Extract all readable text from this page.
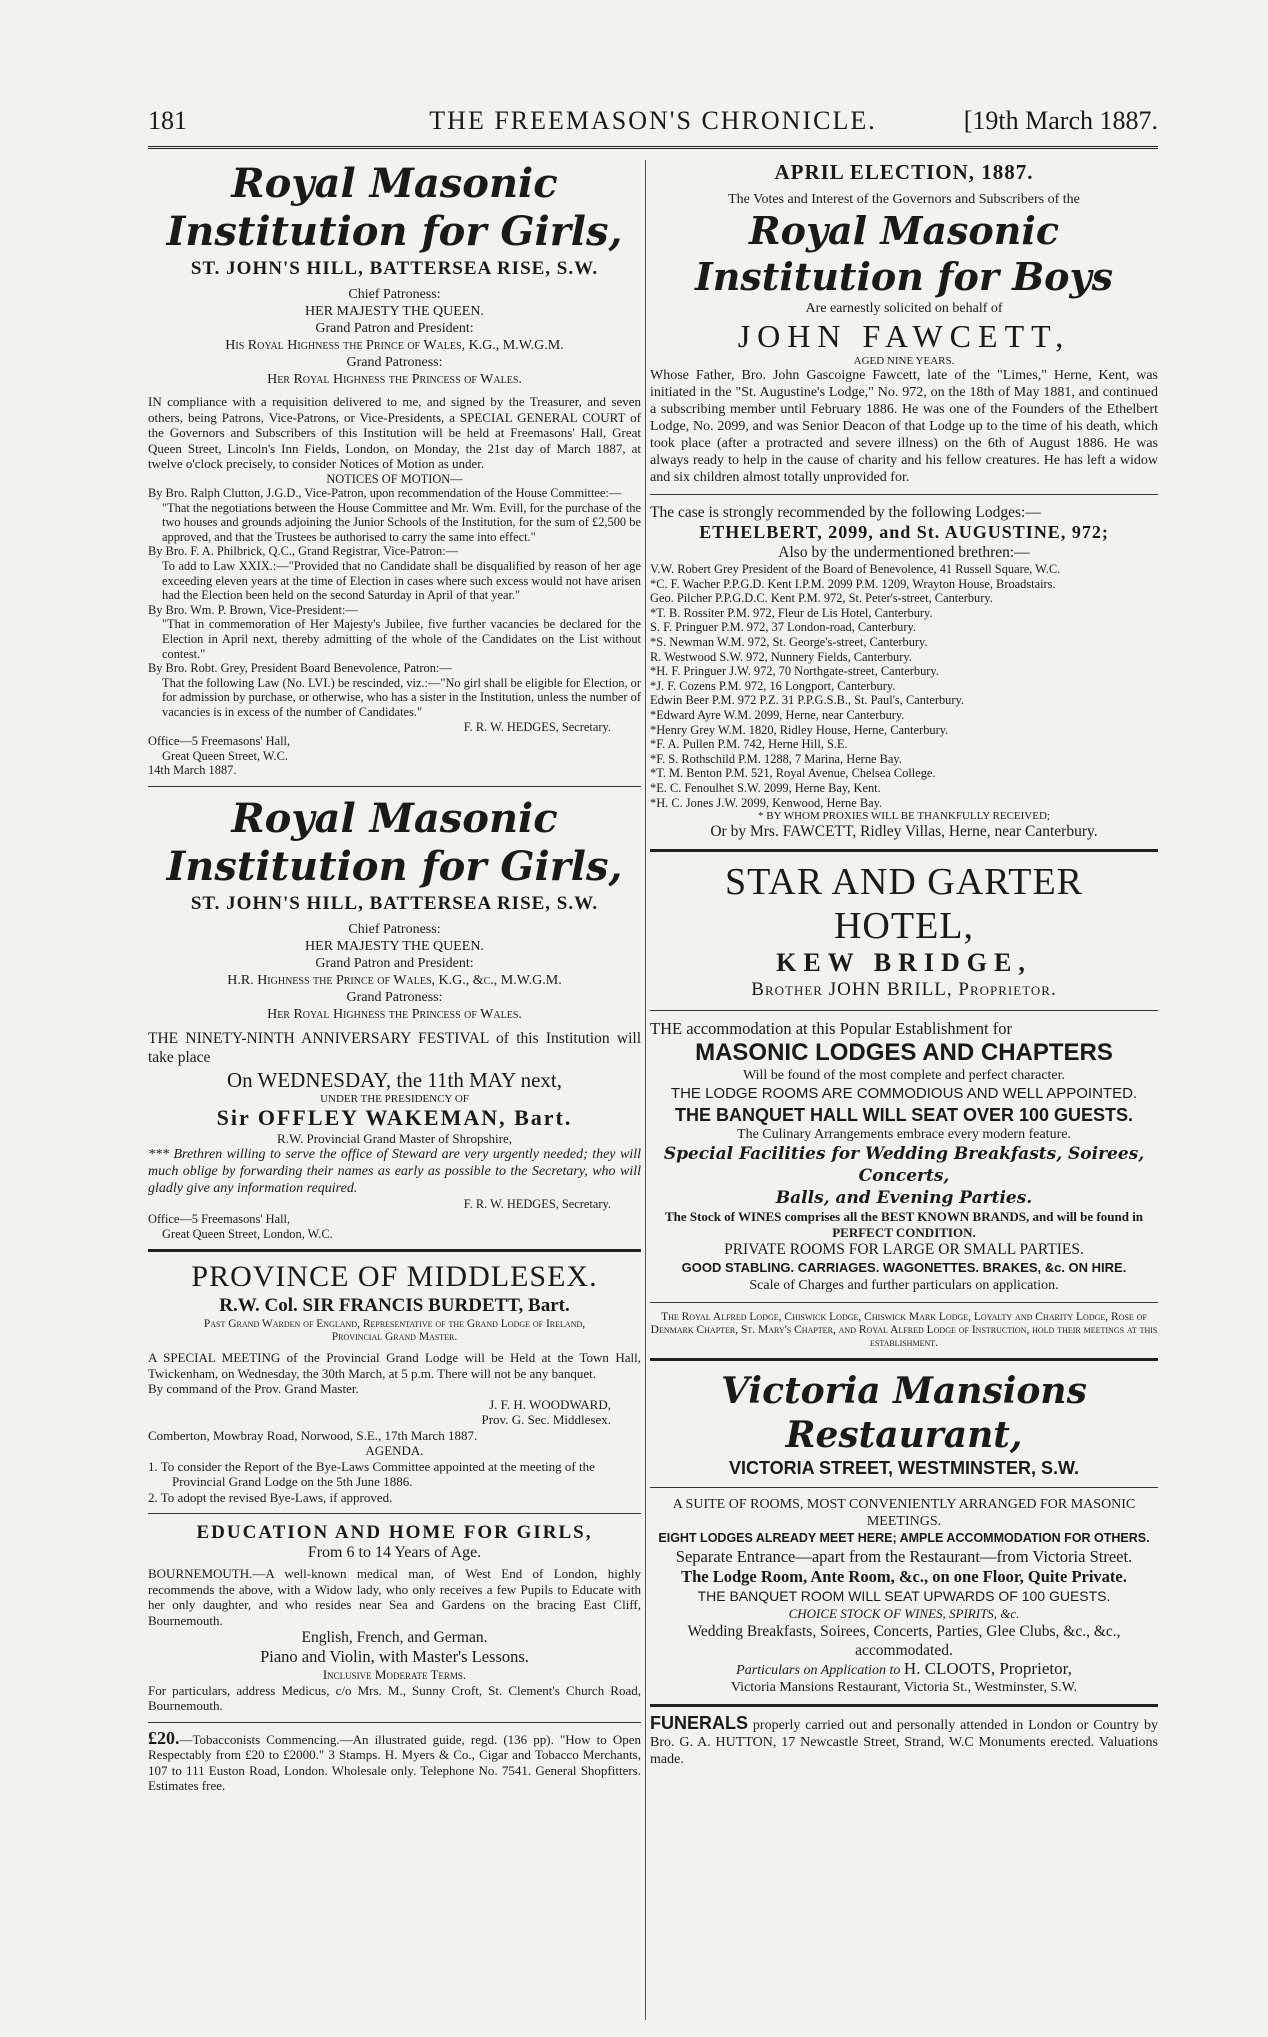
181	THE FREEMASON'S CHRONICLE.	[19th March 1887.

Royal Masonic Institution for Girls,

ST. JOHN'S HILL, BATTERSEA RISE, S.W.

Chief Patroness:

HER MAJESTY THE QUEEN.

Grand Patron and President:

His Royal Highness the Prince of Wales, K.G., M.W.G.M.

Grand Patroness:

Her Royal Highness the Princess of Wales.

IN compliance with a requisition delivered to me, and signed by the Treasurer, and seven others, being Patrons, Vice-Patrons, or Vice-Presidents, a SPECIAL GENERAL COURT of the Governors and Subscribers of this Institution will be held at Freemasons' Hall, Great Queen Street, Lincoln's Inn Fields, London, on Monday, the 21st day of March 1887, at twelve o'clock precisely, to consider Notices of Motion as under.

NOTICES OF MOTION—

By Bro. Ralph Clutton, J.G.D., Vice-Patron, upon recommendation of the House Committee:—

"That the negotiations between the House Committee and Mr. Wm. Evill, for the purchase of the two houses and grounds adjoining the Junior Schools of the Institution, for the sum of £2,500 be approved, and that the Trustees be authorised to carry the same into effect."

By Bro. F. A. Philbrick, Q.C., Grand Registrar, Vice-Patron:—

To add to Law XXIX.:—"Provided that no Candidate shall be disqualified by reason of her age exceeding eleven years at the time of Election in cases where such excess would not have arisen had the Election been held on the second Saturday in April of that year."

By Bro. Wm. P. Brown, Vice-President:—

"That in commemoration of Her Majesty's Jubilee, five further vacancies be declared for the Election in April next, thereby admitting of the whole of the Candidates on the List without contest."

By Bro. Robt. Grey, President Board Benevolence, Patron:—

That the following Law (No. LVI.) be rescinded, viz.:—"No girl shall be eligible for Election, or for admission by purchase, or otherwise, who has a sister in the Institution, unless the number of vacancies is in excess of the number of Candidates."

F. R. W. HEDGES, Secretary.

Office—5 Freemasons' Hall,

Great Queen Street, W.C.

14th March 1887.

Royal Masonic Institution for Girls,

ST. JOHN'S HILL, BATTERSEA RISE, S.W.

Chief Patroness:

HER MAJESTY THE QUEEN.

Grand Patron and President:

H.R. Highness the Prince of Wales, K.G., &c., M.W.G.M.

Grand Patroness:

Her Royal Highness the Princess of Wales.

THE NINETY-NINTH ANNIVERSARY FESTIVAL of this Institution will take place

On WEDNESDAY, the 11th MAY next,

UNDER THE PRESIDENCY OF

Sir OFFLEY WAKEMAN, Bart.

R.W. Provincial Grand Master of Shropshire,

*** Brethren willing to serve the office of Steward are very urgently needed; they will much oblige by forwarding their names as early as possible to the Secretary, who will gladly give any information required.

F. R. W. HEDGES, Secretary.

Office—5 Freemasons' Hall,

Great Queen Street, London, W.C.

PROVINCE OF MIDDLESEX.

R.W. Col. SIR FRANCIS BURDETT, Bart.

Past Grand Warden of England, Representative of the Grand Lodge of Ireland, Provincial Grand Master.

A SPECIAL MEETING of the Provincial Grand Lodge will be Held at the Town Hall, Twickenham, on Wednesday, the 30th March, at 5 p.m. There will not be any banquet.

By command of the Prov. Grand Master.

J. F. H. WOODWARD,

Prov. G. Sec. Middlesex.

Comberton, Mowbray Road, Norwood, S.E., 17th March 1887.

AGENDA.

1. To consider the Report of the Bye-Laws Committee appointed at the meeting of the Provincial Grand Lodge on the 5th June 1886.

2. To adopt the revised Bye-Laws, if approved.

EDUCATION AND HOME FOR GIRLS,

From 6 to 14 Years of Age.

BOURNEMOUTH.—A well-known medical man, of West End of London, highly recommends the above, with a Widow lady, who only receives a few Pupils to Educate with her only daughter, and who resides near Sea and Gardens on the bracing East Cliff, Bournemouth.

English, French, and German.

Piano and Violin, with Master's Lessons.

Inclusive Moderate Terms.

For particulars, address Medicus, c/o Mrs. M., Sunny Croft, St. Clement's Church Road, Bournemouth.

£20.—Tobacconists Commencing.—An illustrated guide, regd. (136 pp). "How to Open Respectably from £20 to £2000." 3 Stamps. H. Myers & Co., Cigar and Tobacco Merchants, 107 to 111 Euston Road, London. Wholesale only. Telephone No. 7541. General Shopfitters. Estimates free.

APRIL ELECTION, 1887.

The Votes and Interest of the Governors and Subscribers of the

Royal Masonic Institution for Boys

Are earnestly solicited on behalf of

JOHN FAWCETT,

AGED NINE YEARS.

Whose Father, Bro. John Gascoigne Fawcett, late of the "Limes," Herne, Kent, was initiated in the "St. Augustine's Lodge," No. 972, on the 18th of May 1881, and continued a subscribing member until February 1886. He was one of the Founders of the Ethelbert Lodge, No. 2099, and was Senior Deacon of that Lodge up to the time of his death, which took place (after a protracted and severe illness) on the 6th of August 1886. He was always ready to help in the cause of charity and his fellow creatures. He has left a widow and six children almost totally unprovided for.

The case is strongly recommended by the following Lodges:—

ETHELBERT, 2099, and St. AUGUSTINE, 972;

Also by the undermentioned brethren:—

V.W. Robert Grey President of the Board of Benevolence, 41 Russell Square, W.C.

*C. F. Wacher P.P.G.D. Kent I.P.M. 2099 P.M. 1209, Wrayton House, Broadstairs.

Geo. Pilcher P.P.G.D.C. Kent P.M. 972, St. Peter's-street, Canterbury.

*T. B. Rossiter P.M. 972, Fleur de Lis Hotel, Canterbury.

S. F. Pringuer P.M. 972, 37 London-road, Canterbury.

*S. Newman W.M. 972, St. George's-street, Canterbury.

R. Westwood S.W. 972, Nunnery Fields, Canterbury.

*H. F. Pringuer J.W. 972, 70 Northgate-street, Canterbury.

*J. F. Cozens P.M. 972, 16 Longport, Canterbury.

Edwin Beer P.M. 972 P.Z. 31 P.P.G.S.B., St. Paul's, Canterbury.

*Edward Ayre W.M. 2099, Herne, near Canterbury.

*Henry Grey W.M. 1820, Ridley House, Herne, Canterbury.

*F. A. Pullen P.M. 742, Herne Hill, S.E.

*F. S. Rothschild P.M. 1288, 7 Marina, Herne Bay.

*T. M. Benton P.M. 521, Royal Avenue, Chelsea College.

*E. C. Fenoulhet S.W. 2099, Herne Bay, Kent.

*H. C. Jones J.W. 2099, Kenwood, Herne Bay.

* BY WHOM PROXIES WILL BE THANKFULLY RECEIVED;

Or by Mrs. FAWCETT, Ridley Villas, Herne, near Canterbury.

STAR AND GARTER HOTEL,

KEW BRIDGE,

Brother JOHN BRILL, Proprietor.

THE accommodation at this Popular Establishment for

MASONIC LODGES AND CHAPTERS

Will be found of the most complete and perfect character.

THE LODGE ROOMS ARE COMMODIOUS AND WELL APPOINTED.

THE BANQUET HALL WILL SEAT OVER 100 GUESTS.

The Culinary Arrangements embrace every modern feature.

Special Facilities for Wedding Breakfasts, Soirees, Concerts,

Balls, and Evening Parties.

The Stock of WINES comprises all the BEST KNOWN BRANDS, and will be found in PERFECT CONDITION.

PRIVATE ROOMS FOR LARGE OR SMALL PARTIES.

GOOD STABLING. CARRIAGES. WAGONETTES. BRAKES, &c. ON HIRE.

Scale of Charges and further particulars on application.

The Royal Alfred Lodge, Chiswick Lodge, Chiswick Mark Lodge, Loyalty and Charity Lodge, Rose of Denmark Chapter, St. Mary's Chapter, and Royal Alfred Lodge of Instruction, hold their meetings at this establishment.

Victoria Mansions Restaurant,

VICTORIA STREET, WESTMINSTER, S.W.

A SUITE OF ROOMS, MOST CONVENIENTLY ARRANGED FOR MASONIC MEETINGS.

EIGHT LODGES ALREADY MEET HERE; AMPLE ACCOMMODATION FOR OTHERS.

Separate Entrance—apart from the Restaurant—from Victoria Street.

The Lodge Room, Ante Room, &c., on one Floor, Quite Private.

THE BANQUET ROOM WILL SEAT UPWARDS OF 100 GUESTS.

CHOICE STOCK OF WINES, SPIRITS, &c.

Wedding Breakfasts, Soirees, Concerts, Parties, Glee Clubs, &c., &c., accommodated.

Particulars on Application to H. CLOOTS, Proprietor,

Victoria Mansions Restaurant, Victoria St., Westminster, S.W.

FUNERALS properly carried out and personally attended in London or Country by Bro. G. A. HUTTON, 17 Newcastle Street, Strand, W.C Monuments erected. Valuations made.
